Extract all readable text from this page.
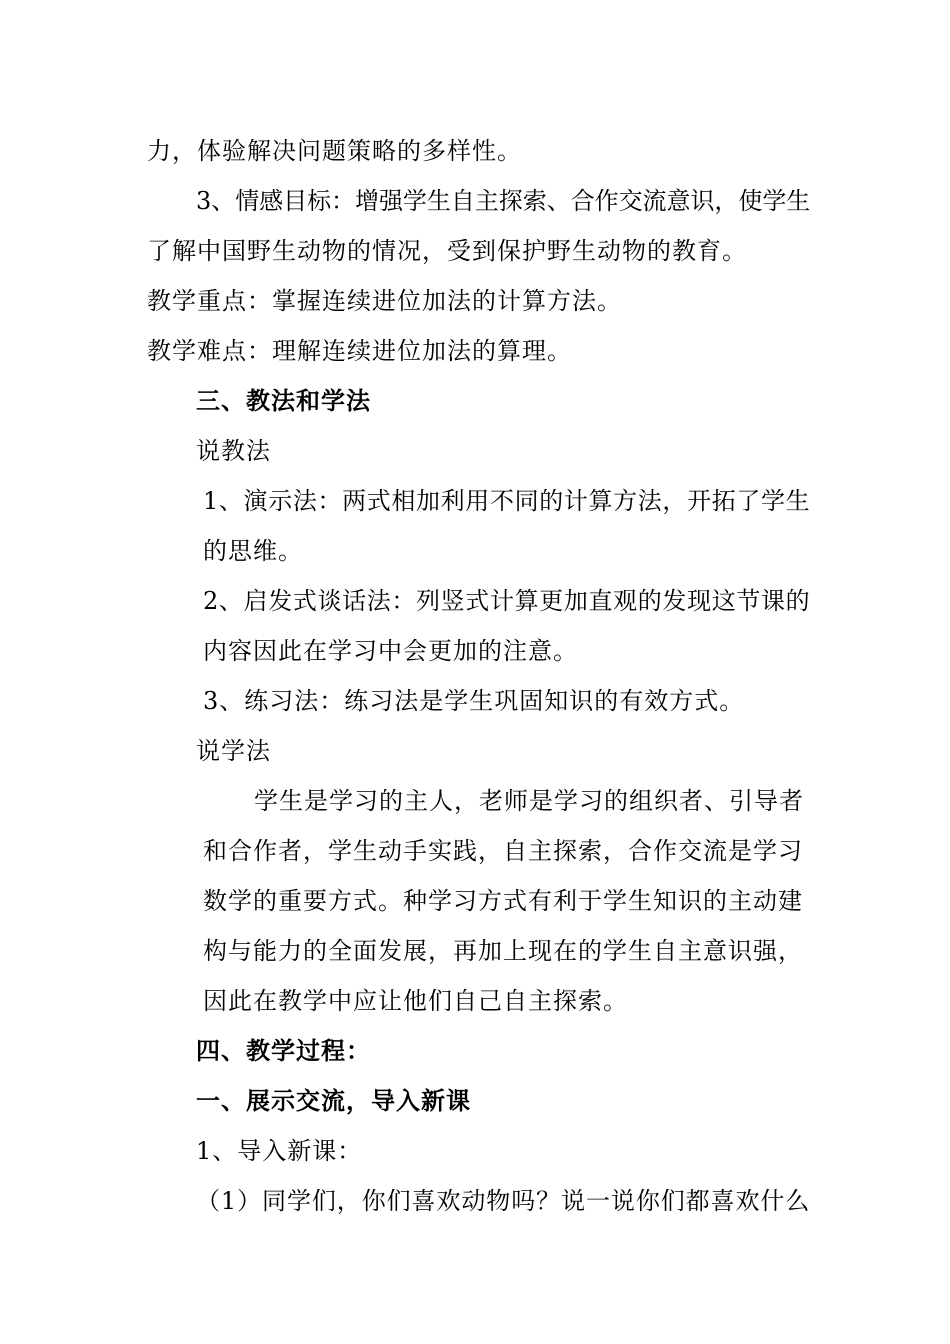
力，体验解决问题策略的多样性。
3、情感目标：增强学生自主探索、合作交流意识，使学生
了解中国野生动物的情况，受到保护野生动物的教育。
教学重点：掌握连续进位加法的计算方法。
教学难点：理解连续进位加法的算理。
三、教法和学法
说教法
1、演示法：两式相加利用不同的计算方法，开拓了学生
的思维。
2、启发式谈话法：列竖式计算更加直观的发现这节课的
内容因此在学习中会更加的注意。
3、练习法：练习法是学生巩固知识的有效方式。
说学法
学生是学习的主人，老师是学习的组织者、引导者
和合作者，学生动手实践，自主探索，合作交流是学习
数学的重要方式。种学习方式有利于学生知识的主动建
构与能力的全面发展，再加上现在的学生自主意识强，
因此在教学中应让他们自己自主探索。
四、教学过程：
一、展示交流，导入新课
1、导入新课：
（1）同学们，你们喜欢动物吗？说一说你们都喜欢什么
